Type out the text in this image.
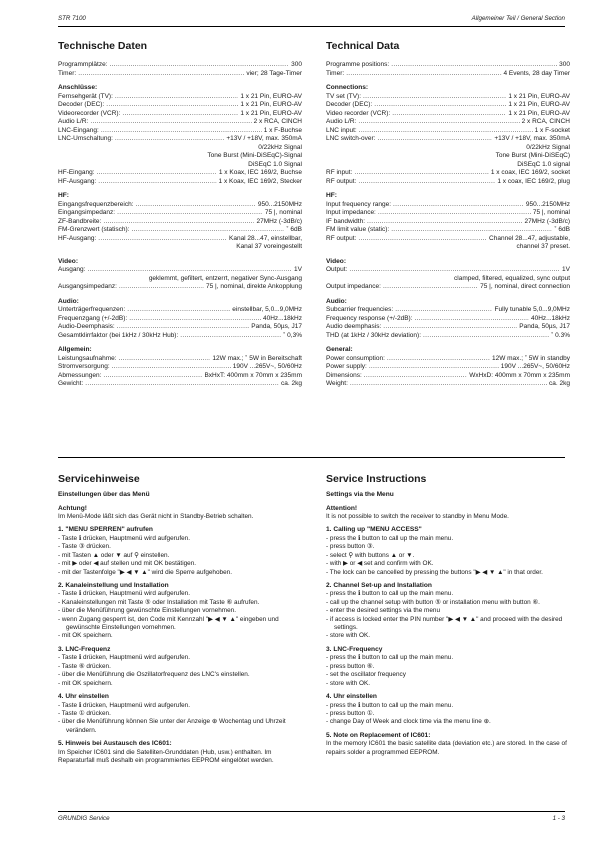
STR 7100	Allgemeiner Teil / General Section
Technische Daten
Programmplätze: .....	300
Timer: .....	vier; 28 Tage-Timer
Anschlüsse:
Fernsehgerät (TV): .....	1 x 21 Pin, EURO-AV
Decoder (DEC): .....	1 x 21 Pin, EURO-AV
Videorecorder (VCR): .....	1 x 21 Pin, EURO-AV
Audio L/R: .....	2 x RCA, CINCH
LNC-Eingang: .....	1 x F-Buchse
LNC-Umschaltung: .....	+13V / +18V, max. 350mA
0/22kHz Signal
Tone Burst (Mini-DiSEqC)-Signal
DiSEqC 1.0 Signal
HF-Eingang: .....	1 x Koax, IEC 169/2, Buchse
HF-Ausgang: .....	1 x Koax, IEC 169/2, Stecker
HF:
Eingangsfrequenzbereich: .....	950...2150MHz
Eingangsimpedanz: .....	75 |, nominal
ZF-Bandbreite: .....	27MHz (-3dB/c)
FM-Grenzwert (statisch): .....	˚ 6dB
HF-Ausgang: .....	Kanal 28...47, einstellbar,
Kanal 37 voreingestellt
Video:
Ausgang: .....	1V
geklemmt, gefiltert, entzerrt, negativer Sync-Ausgang
Ausgangsimpedanz: .....	75 |, nominal, direkte Ankopplung
Audio:
Unterträgerfrequenzen: .....	einstellbar, 5,0...9,0MHz
Frequenzgang (+/-2dB): .....	40Hz...18kHz
Audio-Deemphasis: .....	Panda, 50µs, J17
Gesamtklirrfaktor (bei 1kHz / 30kHz Hub): .....	˚ 0,3%
Allgemein:
Leistungsaufnahme: .....	12W max.; ˚ 5W in Bereitschaft
Stromversorgung: .....	190V ...265V~, 50/60Hz
Abmessungen: .....	BxHxT: 400mm x 70mm x 235mm
Gewicht: .....	ca. 2kg
Technical Data
Programme positions: .....	300
Timer: .....	4 Events, 28 day Timer
Connections:
TV set (TV): .....	1 x 21 Pin, EURO-AV
Decoder (DEC): .....	1 x 21 Pin, EURO-AV
Video recorder (VCR): .....	1 x 21 Pin, EURO-AV
Audio L/R: .....	2 x RCA, CINCH
LNC input: .....	1 x F-socket
LNC switch-over: .....	+13V / +18V, max. 350mA
0/22kHz Signal
Tone Burst (Mini-DiSEqC)
DiSEqC 1.0 signal
RF input: .....	1 x coax, IEC 169/2, socket
RF output: .....	1 x coax, IEC 169/2, plug
HF:
Input frequency range: .....	950...2150MHz
Input impedance: .....	75 |, nominal
IF bandwidth: .....	27MHz (-3dB/c)
FM limit value (static): .....	˚ 6dB
RF output: .....	Channel 28...47, adjustable,
channel 37 preset.
Video:
Output: .....	1V
clamped, filtered, equalized, sync output
Output impedance: .....	75 |, nominal, direct connection
Audio:
Subcarrier frequencies: .....	Fully tunable 5,0...9,0MHz
Frequency response (+/-2dB): .....	40Hz...18kHz
Audio deemphasis: .....	Panda, 50µs, J17
THD (at 1kHz / 30kHz deviation): .....	˚ 0.3%
General:
Power consumption: .....	12W max.; ˚ 5W in standby
Power supply: .....	190V ...265V~, 50/60Hz
Dimensions: .....	WxHxD: 400mm x 70mm x 235mm
Weight: .....	ca. 2kg
Servicehinweise
Einstellungen über das Menü
Achtung!
Im Menü-Mode läßt sich das Gerät nicht in Standby-Betrieb schalten.
1. "MENU SPERREN" aufrufen
- Taste ℹ drücken, Hauptmenü wird aufgerufen.
- Taste ③ drücken.
- mit Tasten ▲ oder ▼ auf ⚲ einstellen.
- mit ▶ oder ◀ auf stellen und mit OK bestätigen.
- mit der Tastenfolge "▶ ◀ ▼ ▲" wird die Sperre aufgehoben.
2. Kanaleinstellung und Installation
- Taste ℹ drücken, Hauptmenü wird aufgerufen.
- Kanaleinstellungen mit Taste ⑤ oder Installation mit Taste ⑥ aufrufen.
- über die Menüführung gewünschte Einstellungen vornehmen.
- wenn Zugang gesperrt ist, den Code mit Kennzahl "▶ ◀ ▼ ▲" eingeben und gewünschte Einstellungen vornehmen.
- mit OK speichern.
3. LNC-Frequenz
- Taste ℹ drücken, Hauptmenü wird aufgerufen.
- Taste ⑥ drücken.
- über die Menüführung die Oszillatorfrequenz des LNC's einstellen.
- mit OK speichern.
4. Uhr einstellen
- Taste ℹ drücken, Hauptmenü wird aufgerufen.
- Taste ① drücken.
- über die Menüführung können Sie unter der Anzeige ⊕ Wochentag und Uhrzeit verändern.
5. Hinweis bei Austausch des IC601:
Im Speicher IC601 sind die Satelliten-Grunddaten (Hub, usw.) enthalten. Im Reparaturfall muß deshalb ein programmiertes EEPROM eingelötet werden.
Service Instructions
Settings via the Menu
Attention!
It is not possible to switch the receiver to standby in Menu Mode.
1. Calling up "MENU ACCESS"
- press the ℹ button to call up the main menu.
- press button ③.
- select ⚲ with buttons ▲ or ▼.
- with ▶ or ◀ set and confirm with OK.
- The lock can be cancelled by pressing the buttons "▶ ◀ ▼ ▲" in that order.
2. Channel Set-up and Installation
- press the ℹ button to call up the main menu.
- call up the channel setup with button ⑤ or installation menu with button ⑥.
- enter the desired settings via the menu
- if access is locked enter the PIN number "▶ ◀ ▼ ▲" and proceed with the desired settings.
- store with OK.
3. LNC-Frequency
- press the ℹ button to call up the main menu.
- press button ⑥.
- set the oscillator frequency
- store with OK.
4. Uhr einstellen
- press the ℹ button to call up the main menu.
- press button ①.
- change Day of Week and clock time via the menu line ⊕.
5. Note on Replacement of IC601:
In the memory IC601 the basic satellite data (deviation etc.) are stored. In the case of repairs solder a programmed EEPROM.
GRUNDIG Service	1 - 3
